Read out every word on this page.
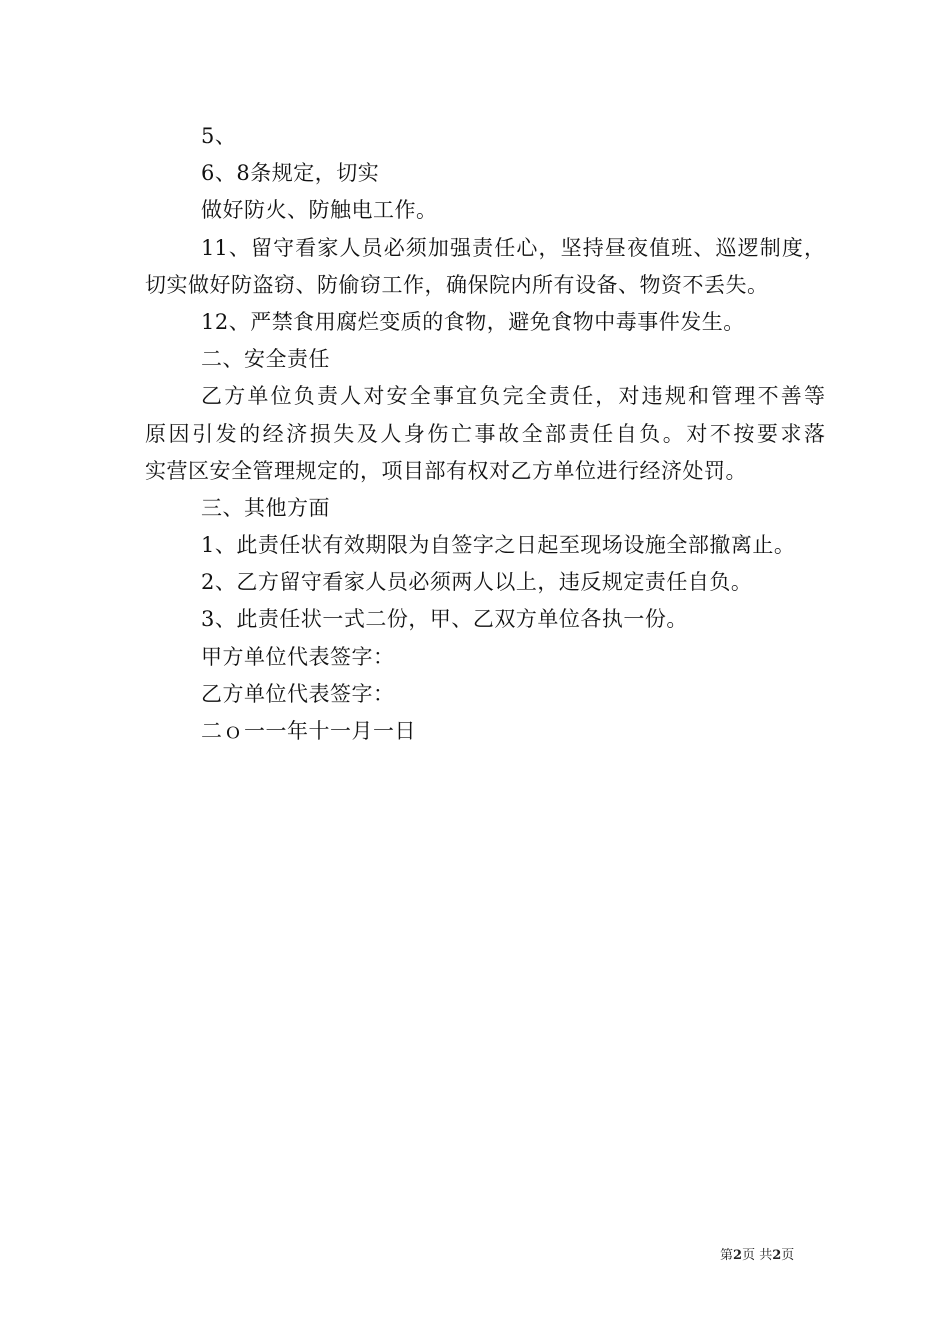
5、
6、8条规定，切实
做好防火、防触电工作。
11、留守看家人员必须加强责任心，坚持昼夜值班、巡逻制度，
切实做好防盗窃、防偷窃工作，确保院内所有设备、物资不丢失。
12、严禁食用腐烂变质的食物，避免食物中毒事件发生。
二、安全责任
乙方单位负责人对安全事宜负完全责任，对违规和管理不善等
原因引发的经济损失及人身伤亡事故全部责任自负。对不按要求落
实营区安全管理规定的，项目部有权对乙方单位进行经济处罚。
三、其他方面
1、此责任状有效期限为自签字之日起至现场设施全部撤离止。
2、乙方留守看家人员必须两人以上，违反规定责任自负。
3、此责任状一式二份，甲、乙双方单位各执一份。
甲方单位代表签字：
乙方单位代表签字：
二ｏ一一年十一月一日
第2页 共2页
